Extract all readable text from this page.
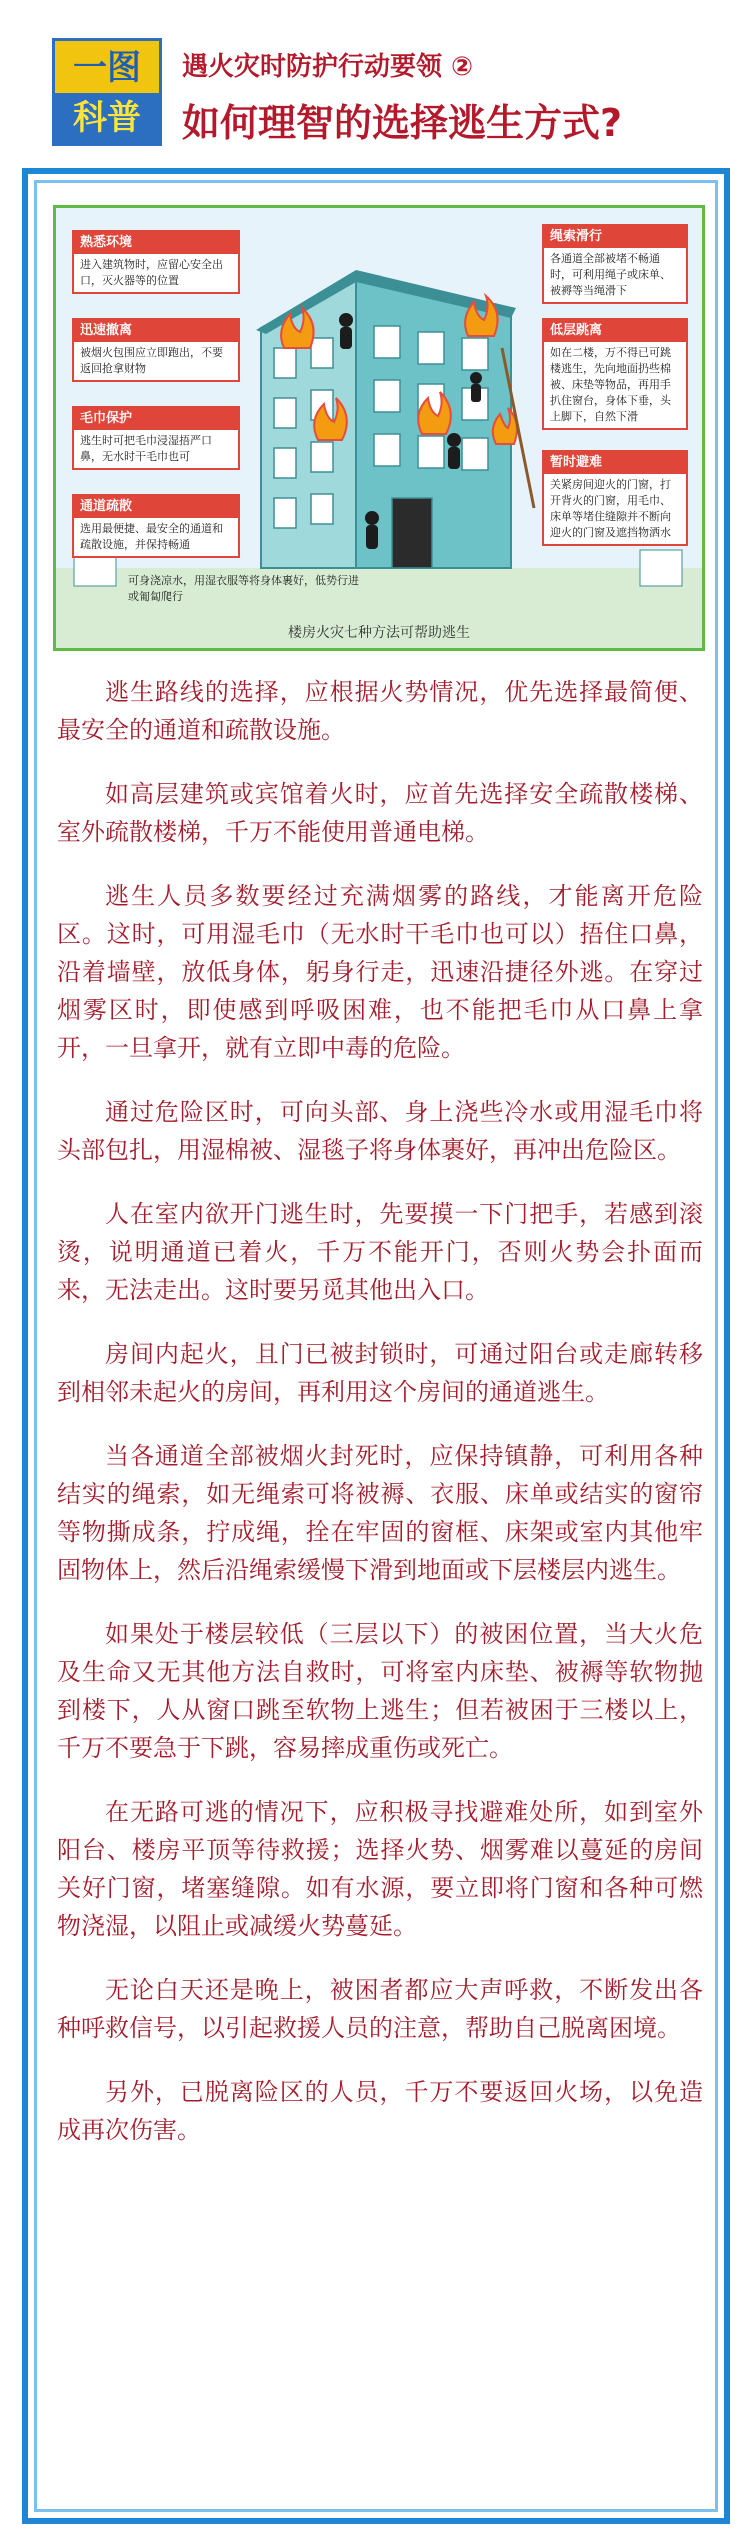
一图
科普
遇火灾时防护行动要领 ②
如何理智的选择逃生方式?
熟悉环境
进入建筑物时，应留心安全出口，灭火器等的位置
迅速撤离
被烟火包围应立即跑出，不要返回抢拿财物
毛巾保护
逃生时可把毛巾浸湿捂严口鼻，无水时干毛巾也可
通道疏散
选用最便捷、最安全的通道和疏散设施，并保持畅通
可身浇凉水，用湿衣服等将身体裹好，低势行进或匍匐爬行
绳索滑行
各通道全部被堵不畅通时，可利用绳子或床单、被褥等当绳滑下
低层跳离
如在二楼，万不得已可跳楼逃生，先向地面扔些棉被、床垫等物品，再用手扒住窗台，身体下垂，头上脚下，自然下滑
暂时避难
关紧房间迎火的门窗，打开背火的门窗，用毛巾、床单等堵住缝隙并不断向迎火的门窗及遮挡物洒水
楼房火灾七种方法可帮助逃生

逃生路线的选择，应根据火势情况，优先选择最简便、最安全的通道和疏散设施。

如高层建筑或宾馆着火时，应首先选择安全疏散楼梯、室外疏散楼梯，千万不能使用普通电梯。

逃生人员多数要经过充满烟雾的路线，才能离开危险区。这时，可用湿毛巾（无水时干毛巾也可以）捂住口鼻，沿着墙壁，放低身体，躬身行走，迅速沿捷径外逃。在穿过烟雾区时，即使感到呼吸困难，也不能把毛巾从口鼻上拿开，一旦拿开，就有立即中毒的危险。

通过危险区时，可向头部、身上浇些冷水或用湿毛巾将头部包扎，用湿棉被、湿毯子将身体裹好，再冲出危险区。

人在室内欲开门逃生时，先要摸一下门把手，若感到滚烫，说明通道已着火，千万不能开门，否则火势会扑面而来，无法走出。这时要另觅其他出入口。

房间内起火，且门已被封锁时，可通过阳台或走廊转移到相邻未起火的房间，再利用这个房间的通道逃生。

当各通道全部被烟火封死时，应保持镇静，可利用各种结实的绳索，如无绳索可将被褥、衣服、床单或结实的窗帘等物撕成条，拧成绳，拴在牢固的窗框、床架或室内其他牢固物体上，然后沿绳索缓慢下滑到地面或下层楼层内逃生。

如果处于楼层较低（三层以下）的被困位置，当大火危及生命又无其他方法自救时，可将室内床垫、被褥等软物抛到楼下，人从窗口跳至软物上逃生；但若被困于三楼以上，千万不要急于下跳，容易摔成重伤或死亡。

在无路可逃的情况下，应积极寻找避难处所，如到室外阳台、楼房平顶等待救援；选择火势、烟雾难以蔓延的房间关好门窗，堵塞缝隙。如有水源，要立即将门窗和各种可燃物浇湿，以阻止或减缓火势蔓延。

无论白天还是晚上，被困者都应大声呼救，不断发出各种呼救信号，以引起救援人员的注意，帮助自己脱离困境。

另外，已脱离险区的人员，千万不要返回火场，以免造成再次伤害。
